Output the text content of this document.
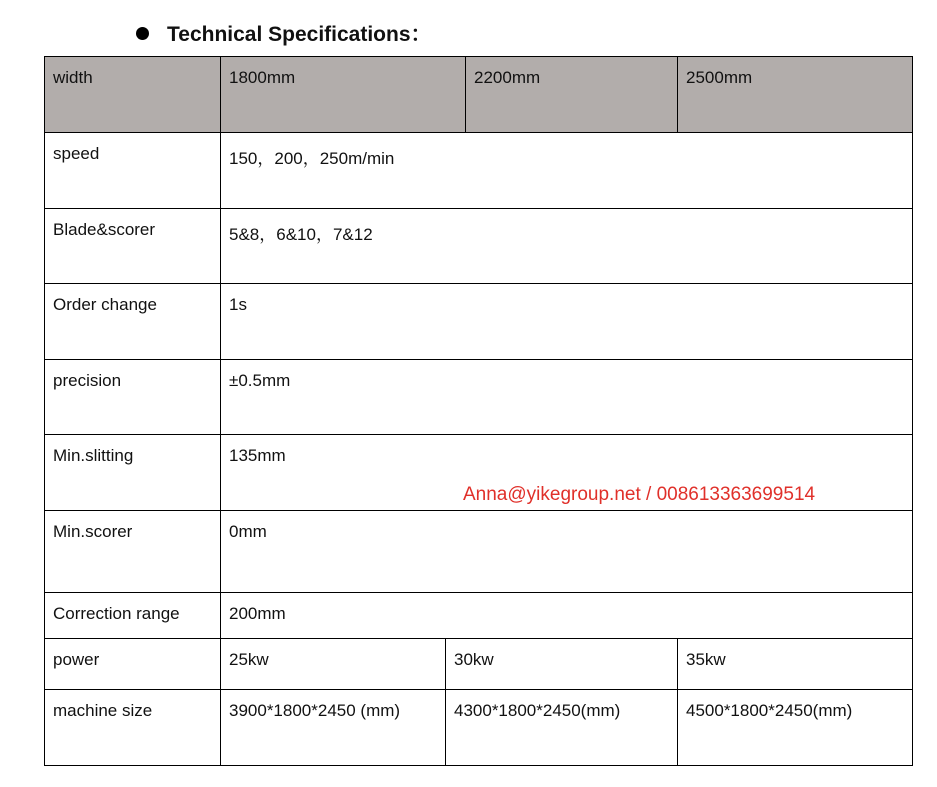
Technical Specifications：
width	1800mm	2200mm	2500mm
speed	150，200，250m/min
Blade&scorer	5&8，6&10，7&12
Order change	1s
precision	±0.5mm
Min.slitting	135mm
Min.scorer	0mm
Correction range	200mm
power	25kw	30kw	35kw
machine size	3900*1800*2450 (mm)	4300*1800*2450(mm)	4500*1800*2450(mm)
Anna@yikegroup.net / 008613363699514
